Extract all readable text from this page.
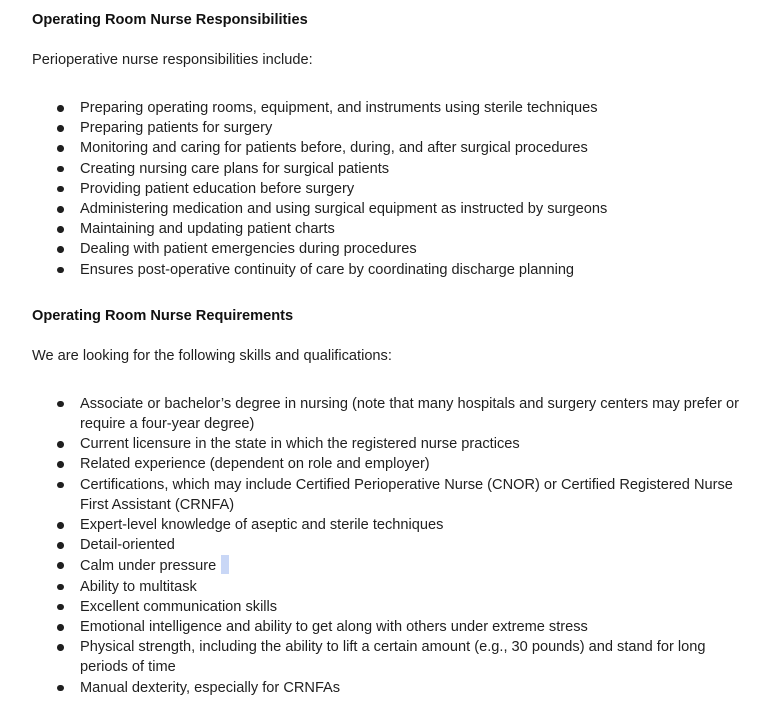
Operating Room Nurse Responsibilities

Perioperative nurse responsibilities include:

Preparing operating rooms, equipment, and instruments using sterile techniques
Preparing patients for surgery
Monitoring and caring for patients before, during, and after surgical procedures
Creating nursing care plans for surgical patients
Providing patient education before surgery
Administering medication and using surgical equipment as instructed by surgeons
Maintaining and updating patient charts
Dealing with patient emergencies during procedures
Ensures post-operative continuity of care by coordinating discharge planning

Operating Room Nurse Requirements

We are looking for the following skills and qualifications:

Associate or bachelor’s degree in nursing (note that many hospitals and surgery centers may prefer or require a four-year degree)
Current licensure in the state in which the registered nurse practices
Related experience (dependent on role and employer)
Certifications, which may include Certified Perioperative Nurse (CNOR) or Certified Registered Nurse First Assistant (CRNFA)
Expert-level knowledge of aseptic and sterile techniques
Detail-oriented
Calm under pressure
Ability to multitask
Excellent communication skills
Emotional intelligence and ability to get along with others under extreme stress
Physical strength, including the ability to lift a certain amount (e.g., 30 pounds) and stand for long periods of time
Manual dexterity, especially for CRNFAs
